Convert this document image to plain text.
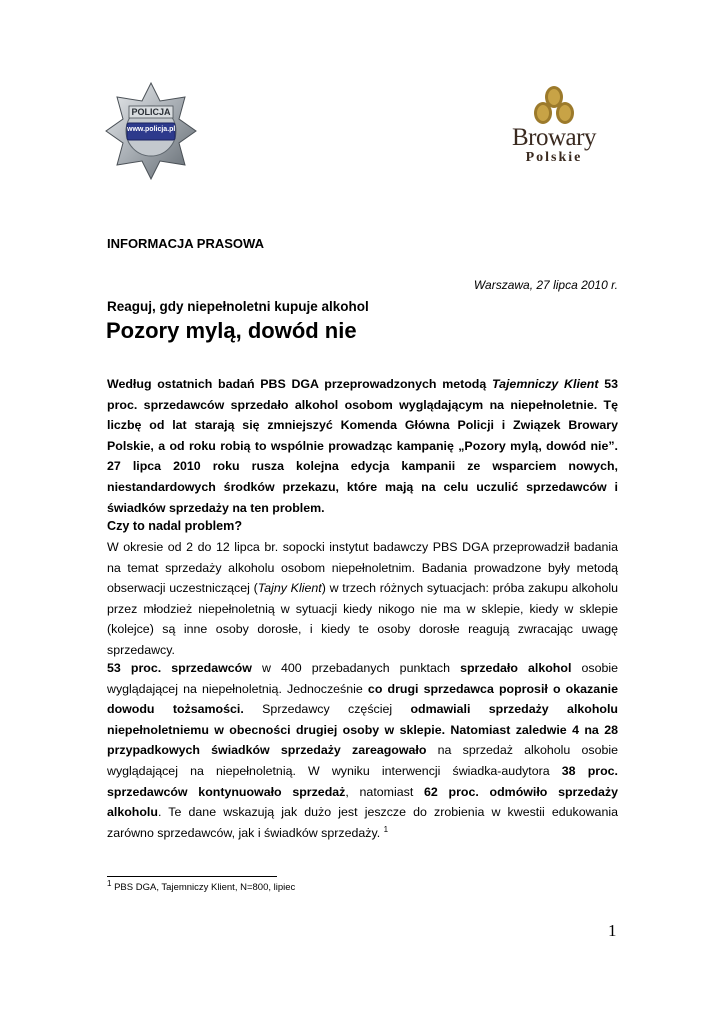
POLICJA
www.policja.pl	Browary
Polskie
INFORMACJA PRASOWA
Warszawa, 27 lipca 2010 r.
Reaguj, gdy niepełnoletni kupuje alkohol
Pozory mylą, dowód nie
Według ostatnich badań PBS DGA przeprowadzonych metodą Tajemniczy Klient 53 proc. sprzedawców sprzedało alkohol osobom wyglądającym na niepełnoletnie. Tę liczbę od lat starają się zmniejszyć Komenda Główna Policji i Związek Browary Polskie, a od roku robią to wspólnie prowadząc kampanię „Pozory mylą, dowód nie”. 27 lipca 2010 roku rusza kolejna edycja kampanii ze wsparciem nowych, niestandardowych środków przekazu, które mają na celu uczulić sprzedawców i świadków sprzedaży na ten problem.
Czy to nadal problem?
W okresie od 2 do 12 lipca br. sopocki instytut badawczy PBS DGA przeprowadził badania na temat sprzedaży alkoholu osobom niepełnoletnim. Badania prowadzone były metodą obserwacji uczestniczącej (Tajny Klient) w trzech różnych sytuacjach: próba zakupu alkoholu przez młodzież niepełnoletnią w sytuacji kiedy nikogo nie ma w sklepie, kiedy w sklepie (kolejce) są inne osoby dorosłe, i kiedy te osoby dorosłe reagują zwracając uwagę sprzedawcy.
53 proc. sprzedawców w 400 przebadanych punktach sprzedało alkohol osobie wyglądającej na niepełnoletnią. Jednocześnie co drugi sprzedawca poprosił o okazanie dowodu tożsamości. Sprzedawcy częściej odmawiali sprzedaży alkoholu niepełnoletniemu w obecności drugiej osoby w sklepie. Natomiast zaledwie 4 na 28 przypadkowych świadków sprzedaży zareagowało na sprzedaż alkoholu osobie wyglądającej na niepełnoletnią. W wyniku interwencji świadka-audytora 38 proc. sprzedawców kontynuowało sprzedaż, natomiast 62 proc. odmówiło sprzedaży alkoholu. Te dane wskazują jak dużo jest jeszcze do zrobienia w kwestii edukowania zarówno sprzedawców, jak i świadków sprzedaży. $^1$
$^1$ PBS DGA, Tajemniczy Klient, N=800, lipiec
1
